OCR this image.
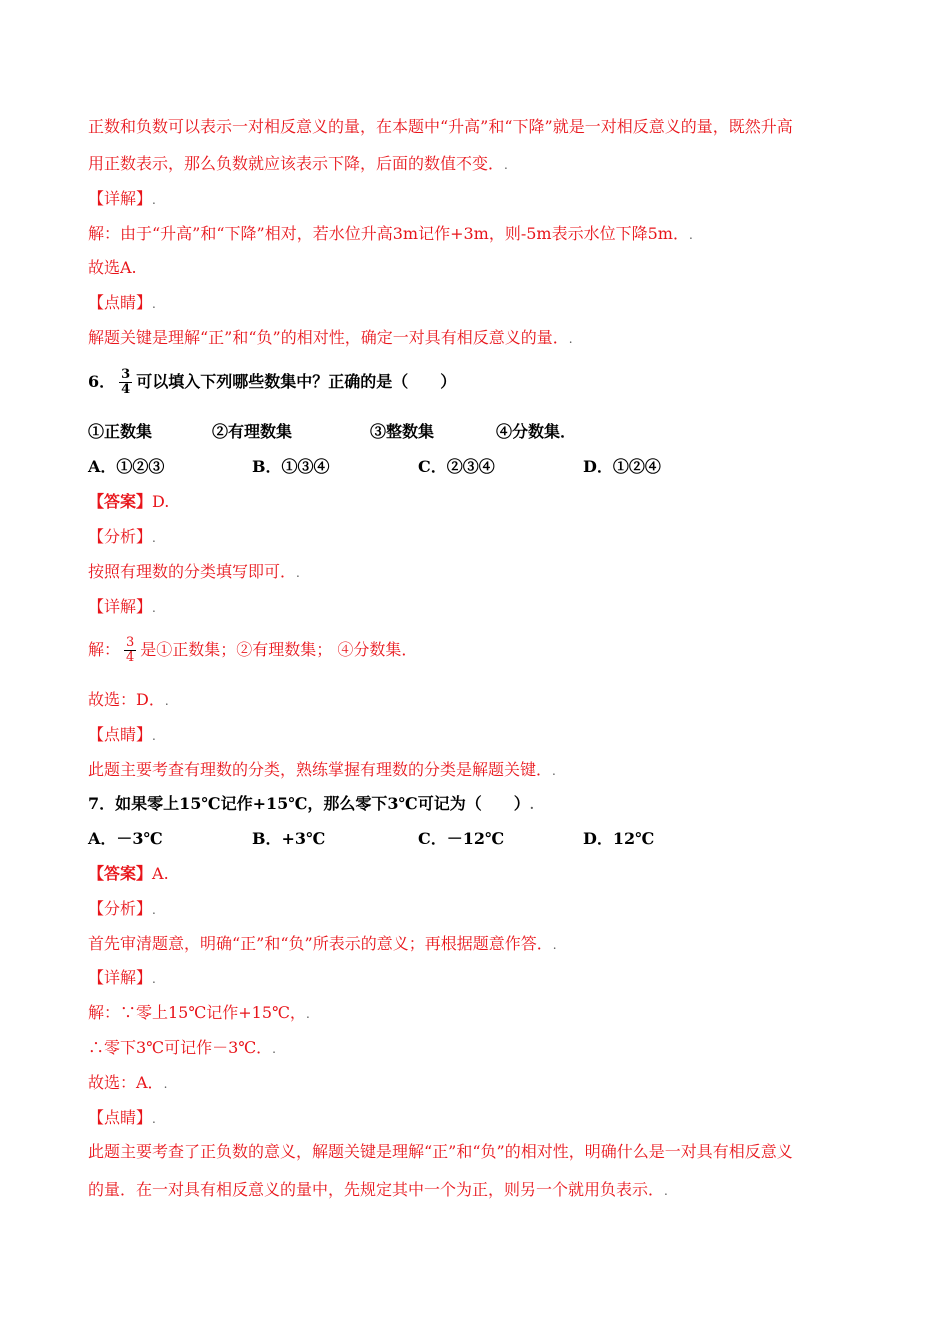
正数和负数可以表示一对相反意义的量，在本题中“升高”和“下降”就是一对相反意义的量，既然升高
用正数表示，那么负数就应该表示下降，后面的数值不变．.
【详解】.
解：由于“升高”和“下降”相对，若水位升高3m记作+3m，则-5m表示水位下降5m．.
故选A.
【点睛】.
解题关键是理解“正”和“负”的相对性，确定一对具有相反意义的量．.
6． $\frac{3}{4}$ 可以填入下列哪些数集中？正确的是（　　）
①正数集	②有理数集	③整数集	④分数集．
A．①②③	B．①③④	C．②③④	D．①②④
【答案】D.
【分析】.
按照有理数的分类填写即可．.
【详解】.
解： $\frac{3}{4}$ 是①正数集；②有理数集； ④分数集．
故选：D．.
【点睛】.
此题主要考查有理数的分类，熟练掌握有理数的分类是解题关键．.
7．如果零上15℃记作+15℃，那么零下3℃可记为（　　）.
A．－3℃	B．+3℃	C．－12℃	D．12℃
【答案】A.
【分析】.
首先审清题意，明确“正”和“负”所表示的意义；再根据题意作答．.
【详解】.
解：∵零上15℃记作+15℃，.
∴零下3℃可记作－3℃．.
故选：A．.
【点睛】.
此题主要考查了正负数的意义，解题关键是理解“正”和“负”的相对性，明确什么是一对具有相反意义
的量．在一对具有相反意义的量中，先规定其中一个为正，则另一个就用负表示．.
